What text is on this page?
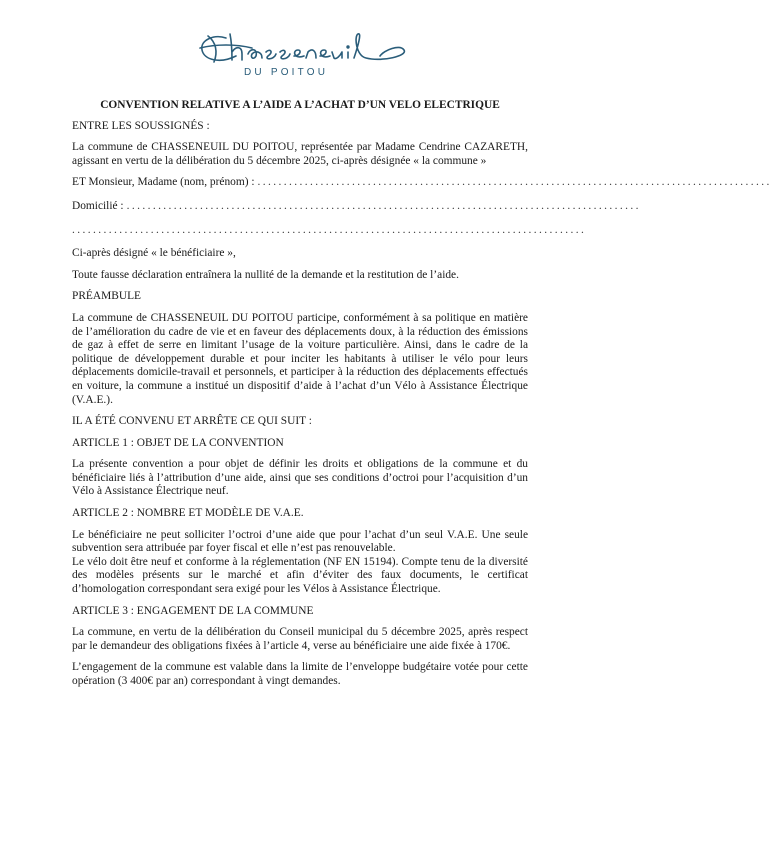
DU POITOU
CONVENTION RELATIVE A L’AIDE A L’ACHAT D’UN VELO ELECTRIQUE
ENTRE LES SOUSSIGNÉS :

La commune de CHASSENEUIL DU POITOU, représentée par Madame Cendrine CAZARETH, agissant en vertu de la délibération du 5 décembre 2025, ci-après désignée « la commune »

ET Monsieur, Madame (nom, prénom) : ..................................................................................................
Domicilié : ..................................................................................................
..................................................................................................

Ci-après désigné « le bénéficiaire »,

Toute fausse déclaration entraînera la nullité de la demande et la restitution de l’aide.

PRÉAMBULE

La commune de CHASSENEUIL DU POITOU participe, conformément à sa politique en matière de l’amélioration du cadre de vie et en faveur des déplacements doux, à la réduction des émissions de gaz à effet de serre en limitant l’usage de la voiture particulière. Ainsi, dans le cadre de la politique de développement durable et pour inciter les habitants à utiliser le vélo pour leurs déplacements domicile-travail et personnels, et participer à la réduction des déplacements effectués en voiture, la commune a institué un dispositif d’aide à l’achat d’un Vélo à Assistance Électrique (V.A.E.).

IL A ÉTÉ CONVENU ET ARRÊTE CE QUI SUIT :
ARTICLE 1 : OBJET DE LA CONVENTION

La présente convention a pour objet de définir les droits et obligations de la commune et du bénéficiaire liés à l’attribution d’une aide, ainsi que ses conditions d’octroi pour l’acquisition d’un Vélo à Assistance Électrique neuf.

ARTICLE 2 : NOMBRE ET MODÈLE DE V.A.E.

Le bénéficiaire ne peut solliciter l’octroi d’une aide que pour l’achat d’un seul V.A.E. Une seule subvention sera attribuée par foyer fiscal et elle n’est pas renouvelable.

Le vélo doit être neuf et conforme à la réglementation (NF EN 15194). Compte tenu de la diversité des modèles présents sur le marché et afin d’éviter des faux documents, le certificat d’homologation correspondant sera exigé pour les Vélos à Assistance Électrique.

ARTICLE 3 : ENGAGEMENT DE LA COMMUNE

La commune, en vertu de la délibération du Conseil municipal du 5 décembre 2025, après respect par le demandeur des obligations fixées à l’article 4, verse au bénéficiaire une aide fixée à 170€.

L’engagement de la commune est valable dans la limite de l’enveloppe budgétaire votée pour cette opération (3 400€ par an) correspondant à vingt demandes.
